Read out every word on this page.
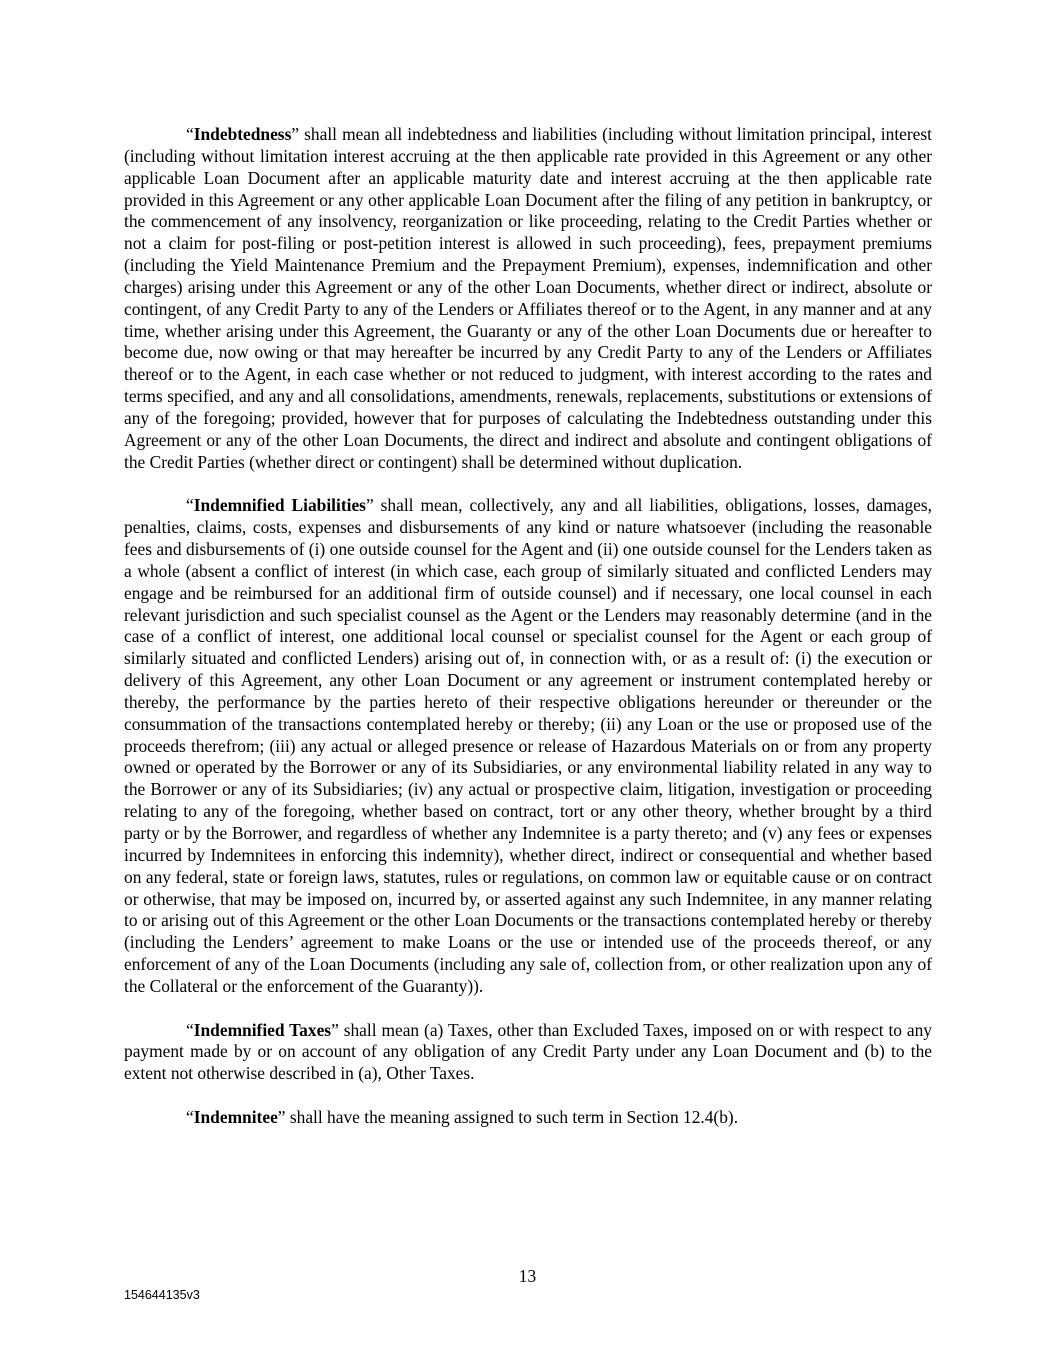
“Indebtedness” shall mean all indebtedness and liabilities (including without limitation principal, interest (including without limitation interest accruing at the then applicable rate provided in this Agreement or any other applicable Loan Document after an applicable maturity date and interest accruing at the then applicable rate provided in this Agreement or any other applicable Loan Document after the filing of any petition in bankruptcy, or the commencement of any insolvency, reorganization or like proceeding, relating to the Credit Parties whether or not a claim for post-filing or post-petition interest is allowed in such proceeding), fees, prepayment premiums (including the Yield Maintenance Premium and the Prepayment Premium), expenses, indemnification and other charges) arising under this Agreement or any of the other Loan Documents, whether direct or indirect, absolute or contingent, of any Credit Party to any of the Lenders or Affiliates thereof or to the Agent, in any manner and at any time, whether arising under this Agreement, the Guaranty or any of the other Loan Documents due or hereafter to become due, now owing or that may hereafter be incurred by any Credit Party to any of the Lenders or Affiliates thereof or to the Agent, in each case whether or not reduced to judgment, with interest according to the rates and terms specified, and any and all consolidations, amendments, renewals, replacements, substitutions or extensions of any of the foregoing; provided, however that for purposes of calculating the Indebtedness outstanding under this Agreement or any of the other Loan Documents, the direct and indirect and absolute and contingent obligations of the Credit Parties (whether direct or contingent) shall be determined without duplication.

“Indemnified Liabilities” shall mean, collectively, any and all liabilities, obligations, losses, damages, penalties, claims, costs, expenses and disbursements of any kind or nature whatsoever (including the reasonable fees and disbursements of (i) one outside counsel for the Agent and (ii) one outside counsel for the Lenders taken as a whole (absent a conflict of interest (in which case, each group of similarly situated and conflicted Lenders may engage and be reimbursed for an additional firm of outside counsel) and if necessary, one local counsel in each relevant jurisdiction and such specialist counsel as the Agent or the Lenders may reasonably determine (and in the case of a conflict of interest, one additional local counsel or specialist counsel for the Agent or each group of similarly situated and conflicted Lenders) arising out of, in connection with, or as a result of: (i) the execution or delivery of this Agreement, any other Loan Document or any agreement or instrument contemplated hereby or thereby, the performance by the parties hereto of their respective obligations hereunder or thereunder or the consummation of the transactions contemplated hereby or thereby; (ii) any Loan or the use or proposed use of the proceeds therefrom; (iii) any actual or alleged presence or release of Hazardous Materials on or from any property owned or operated by the Borrower or any of its Subsidiaries, or any environmental liability related in any way to the Borrower or any of its Subsidiaries; (iv) any actual or prospective claim, litigation, investigation or proceeding relating to any of the foregoing, whether based on contract, tort or any other theory, whether brought by a third party or by the Borrower, and regardless of whether any Indemnitee is a party thereto; and (v) any fees or expenses incurred by Indemnitees in enforcing this indemnity), whether direct, indirect or consequential and whether based on any federal, state or foreign laws, statutes, rules or regulations, on common law or equitable cause or on contract or otherwise, that may be imposed on, incurred by, or asserted against any such Indemnitee, in any manner relating to or arising out of this Agreement or the other Loan Documents or the transactions contemplated hereby or thereby (including the Lenders’ agreement to make Loans or the use or intended use of the proceeds thereof, or any enforcement of any of the Loan Documents (including any sale of, collection from, or other realization upon any of the Collateral or the enforcement of the Guaranty)).

“Indemnified Taxes” shall mean (a) Taxes, other than Excluded Taxes, imposed on or with respect to any payment made by or on account of any obligation of any Credit Party under any Loan Document and (b) to the extent not otherwise described in (a), Other Taxes.

“Indemnitee” shall have the meaning assigned to such term in Section 12.4(b).

13
154644135v3
